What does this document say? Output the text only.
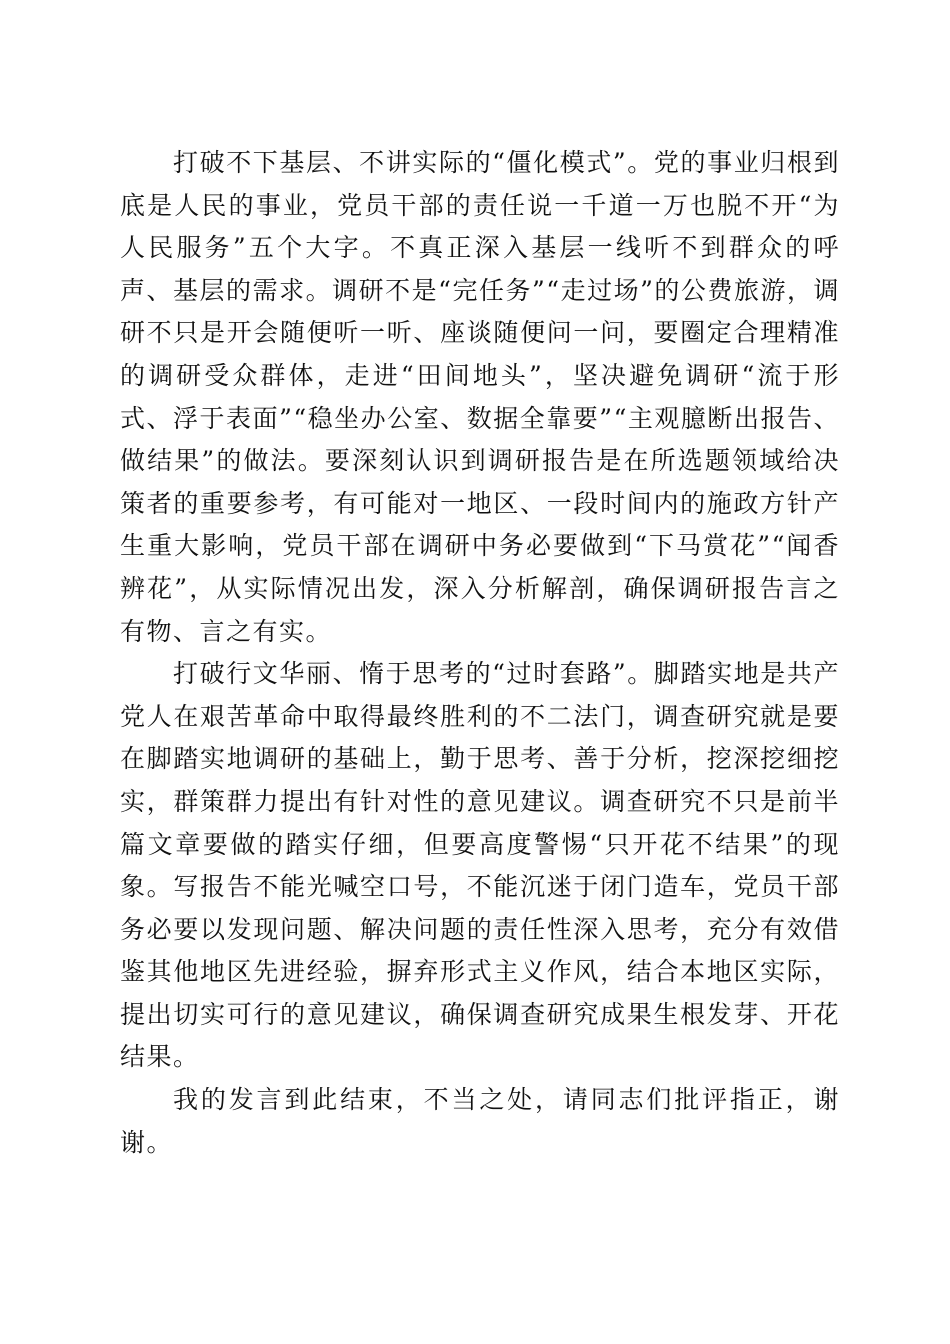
打破不下基层、不讲实际的“僵化模式”。党的事业归根到底是人民的事业，党员干部的责任说一千道一万也脱不开“为人民服务”五个大字。不真正深入基层一线听不到群众的呼声、基层的需求。调研不是“完任务”“走过场”的公费旅游，调研不只是开会随便听一听、座谈随便问一问，要圈定合理精准的调研受众群体，走进“田间地头”，坚决避免调研“流于形式、浮于表面”“稳坐办公室、数据全靠要”“主观臆断出报告、做结果”的做法。要深刻认识到调研报告是在所选题领域给决策者的重要参考，有可能对一地区、一段时间内的施政方针产生重大影响，党员干部在调研中务必要做到“下马赏花”“闻香辨花”，从实际情况出发，深入分析解剖，确保调研报告言之有物、言之有实。

打破行文华丽、惰于思考的“过时套路”。脚踏实地是共产党人在艰苦革命中取得最终胜利的不二法门，调查研究就是要在脚踏实地调研的基础上，勤于思考、善于分析，挖深挖细挖实，群策群力提出有针对性的意见建议。调查研究不只是前半篇文章要做的踏实仔细，但要高度警惕“只开花不结果”的现象。写报告不能光喊空口号，不能沉迷于闭门造车，党员干部务必要以发现问题、解决问题的责任性深入思考，充分有效借鉴其他地区先进经验，摒弃形式主义作风，结合本地区实际，提出切实可行的意见建议，确保调查研究成果生根发芽、开花结果。

我的发言到此结束，不当之处，请同志们批评指正，谢谢。
